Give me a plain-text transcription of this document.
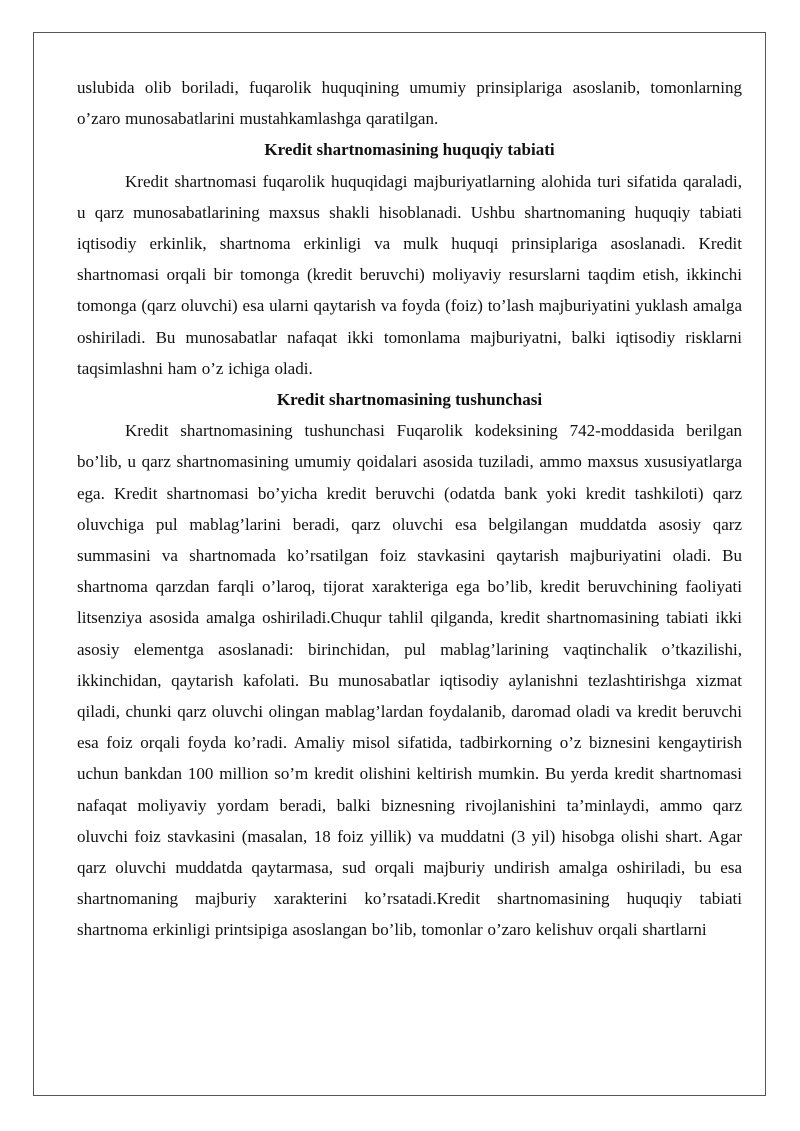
uslubida olib boriladi, fuqarolik huquqining umumiy prinsiplariga asoslanib, tomonlarning o’zaro munosabatlarini mustahkamlashga qaratilgan.

Kredit shartnomasining huquqiy tabiati

Kredit shartnomasi fuqarolik huquqidagi majburiyatlarning alohida turi sifatida qaraladi, u qarz munosabatlarining maxsus shakli hisoblanadi. Ushbu shartnomaning huquqiy tabiati iqtisodiy erkinlik, shartnoma erkinligi va mulk huquqi prinsiplariga asoslanadi. Kredit shartnomasi orqali bir tomonga (kredit beruvchi) moliyaviy resurslarni taqdim etish, ikkinchi tomonga (qarz oluvchi) esa ularni qaytarish va foyda (foiz) to’lash majburiyatini yuklash amalga oshiriladi. Bu munosabatlar nafaqat ikki tomonlama majburiyatni, balki iqtisodiy risklarni taqsimlashni ham o’z ichiga oladi.

Kredit shartnomasining tushunchasi

Kredit shartnomasining tushunchasi Fuqarolik kodeksining 742-moddasida berilgan bo’lib, u qarz shartnomasining umumiy qoidalari asosida tuziladi, ammo maxsus xususiyatlarga ega. Kredit shartnomasi bo’yicha kredit beruvchi (odatda bank yoki kredit tashkiloti) qarz oluvchiga pul mablag’larini beradi, qarz oluvchi esa belgilangan muddatda asosiy qarz summasini va shartnomada ko’rsatilgan foiz stavkasini qaytarish majburiyatini oladi. Bu shartnoma qarzdan farqli o’laroq, tijorat xarakteriga ega bo’lib, kredit beruvchining faoliyati litsenziya asosida amalga oshiriladi.Chuqur tahlil qilganda, kredit shartnomasining tabiati ikki asosiy elementga asoslanadi: birinchidan, pul mablag’larining vaqtinchalik o’tkazilishi, ikkinchidan, qaytarish kafolati. Bu munosabatlar iqtisodiy aylanishni tezlashtirishga xizmat qiladi, chunki qarz oluvchi olingan mablag’lardan foydalanib, daromad oladi va kredit beruvchi esa foiz orqali foyda ko’radi. Amaliy misol sifatida, tadbirkorning o’z biznesini kengaytirish uchun bankdan 100 million so’m kredit olishini keltirish mumkin. Bu yerda kredit shartnomasi nafaqat moliyaviy yordam beradi, balki biznesning rivojlanishini ta’minlaydi, ammo qarz oluvchi foiz stavkasini (masalan, 18 foiz yillik) va muddatni (3 yil) hisobga olishi shart. Agar qarz oluvchi muddatda qaytarmasa, sud orqali majburiy undirish amalga oshiriladi, bu esa shartnomaning majburiy xarakterini ko’rsatadi.Kredit shartnomasining huquqiy tabiati shartnoma erkinligi printsipiga asoslangan bo’lib, tomonlar o’zaro kelishuv orqali shartlarni
